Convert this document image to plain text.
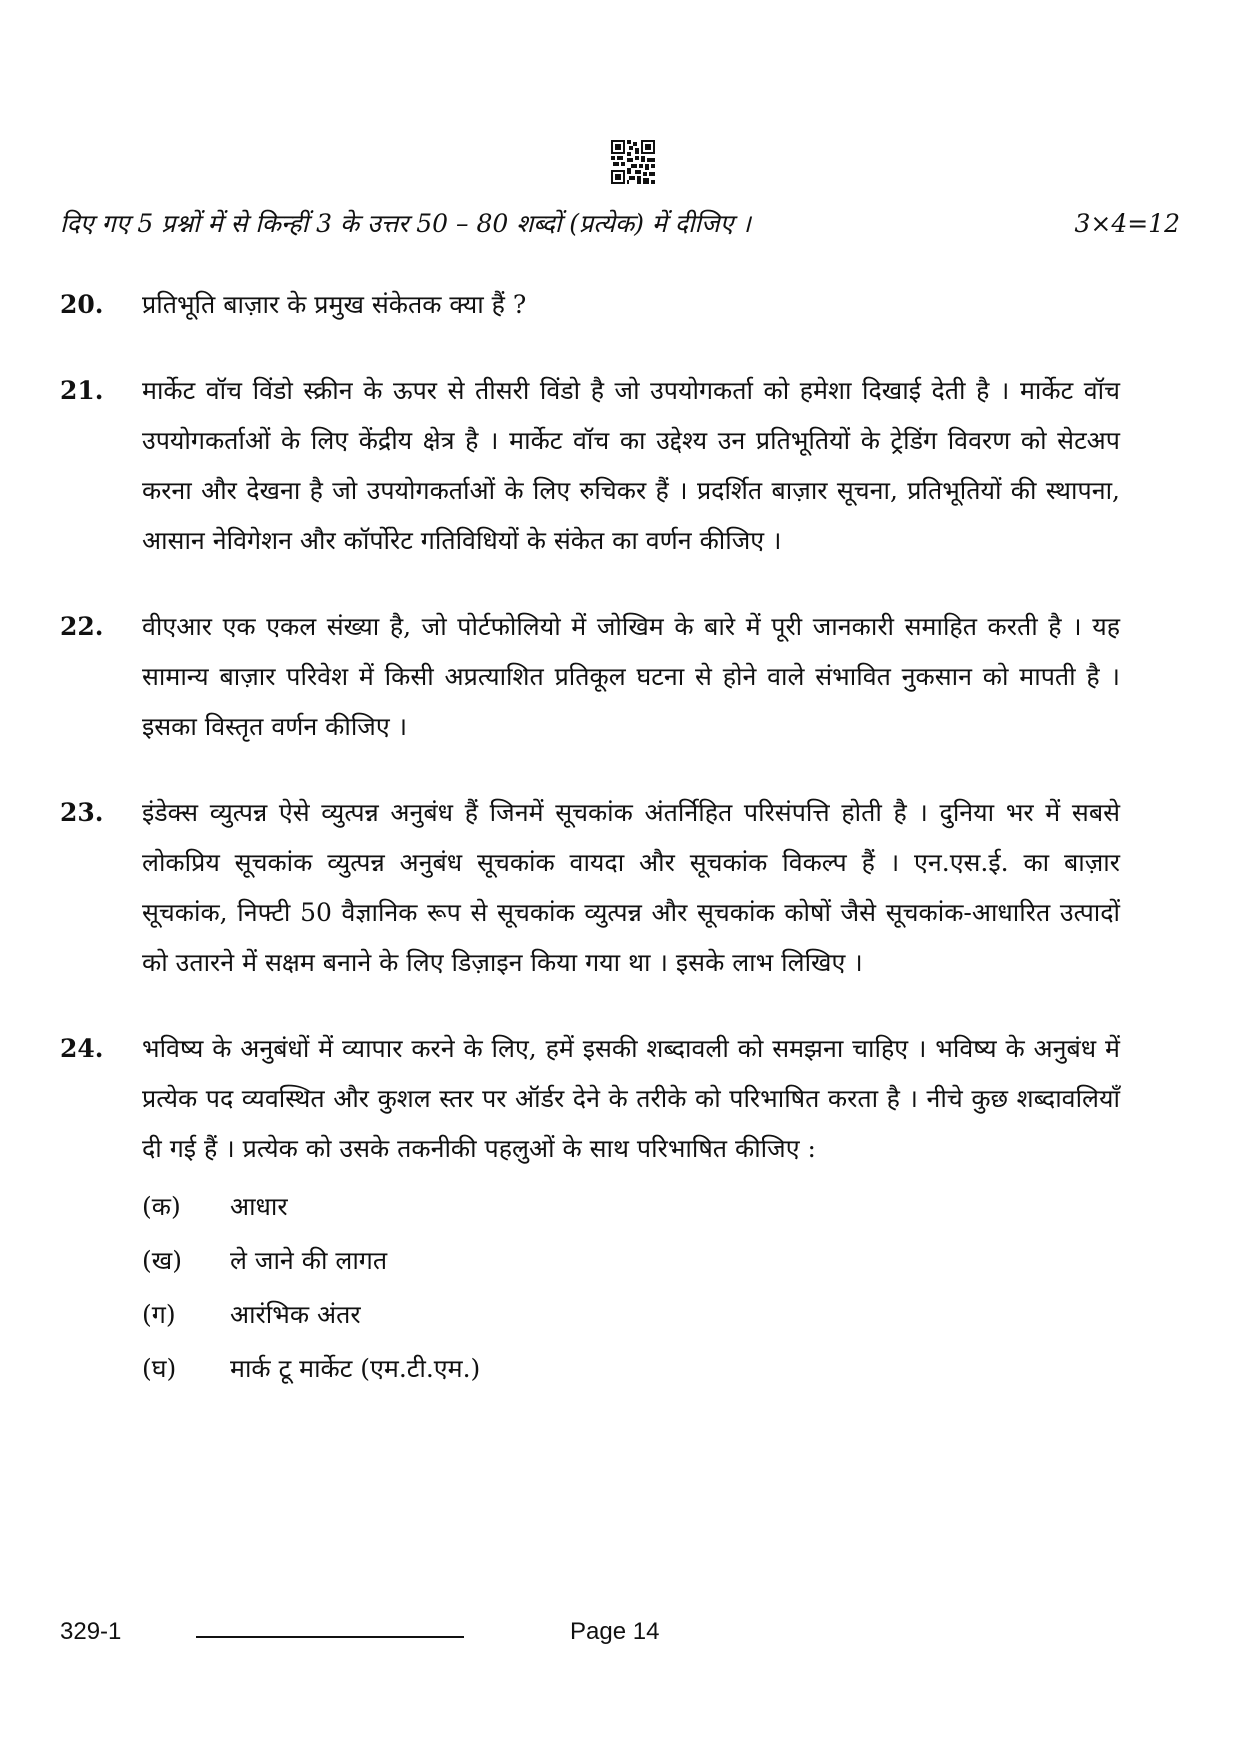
दिए गए 5 प्रश्नों में से किन्हीं 3 के उत्तर 50 – 80 शब्दों (प्रत्येक) में दीजिए ।	3×4=12
20.	प्रतिभूति बाज़ार के प्रमुख संकेतक क्या हैं ?
21.	मार्केट वॉच विंडो स्क्रीन के ऊपर से तीसरी विंडो है जो उपयोगकर्ता को हमेशा दिखाई देती है । मार्केट वॉच उपयोगकर्ताओं के लिए केंद्रीय क्षेत्र है । मार्केट वॉच का उद्देश्य उन प्रतिभूतियों के ट्रेडिंग विवरण को सेटअप करना और देखना है जो उपयोगकर्ताओं के लिए रुचिकर हैं । प्रदर्शित बाज़ार सूचना, प्रतिभूतियों की स्थापना, आसान नेविगेशन और कॉर्पोरेट गतिविधियों के संकेत का वर्णन कीजिए ।
22.	वीएआर एक एकल संख्या है, जो पोर्टफोलियो में जोखिम के बारे में पूरी जानकारी समाहित करती है । यह सामान्य बाज़ार परिवेश में किसी अप्रत्याशित प्रतिकूल घटना से होने वाले संभावित नुकसान को मापती है । इसका विस्तृत वर्णन कीजिए ।
23.	इंडेक्स व्युत्पन्न ऐसे व्युत्पन्न अनुबंध हैं जिनमें सूचकांक अंतर्निहित परिसंपत्ति होती है । दुनिया भर में सबसे लोकप्रिय सूचकांक व्युत्पन्न अनुबंध सूचकांक वायदा और सूचकांक विकल्प हैं । एन.एस.ई. का बाज़ार सूचकांक, निफ्टी 50 वैज्ञानिक रूप से सूचकांक व्युत्पन्न और सूचकांक कोषों जैसे सूचकांक-आधारित उत्पादों को उतारने में सक्षम बनाने के लिए डिज़ाइन किया गया था । इसके लाभ लिखिए ।
24.	भविष्य के अनुबंधों में व्यापार करने के लिए, हमें इसकी शब्दावली को समझना चाहिए । भविष्य के अनुबंध में प्रत्येक पद व्यवस्थित और कुशल स्तर पर ऑर्डर देने के तरीके को परिभाषित करता है । नीचे कुछ शब्दावलियाँ दी गई हैं । प्रत्येक को उसके तकनीकी पहलुओं के साथ परिभाषित कीजिए :
(क)	आधार
(ख)	ले जाने की लागत
(ग)	आरंभिक अंतर
(घ)	मार्क टू मार्केट (एम.टी.एम.)
329-1	Page 14
